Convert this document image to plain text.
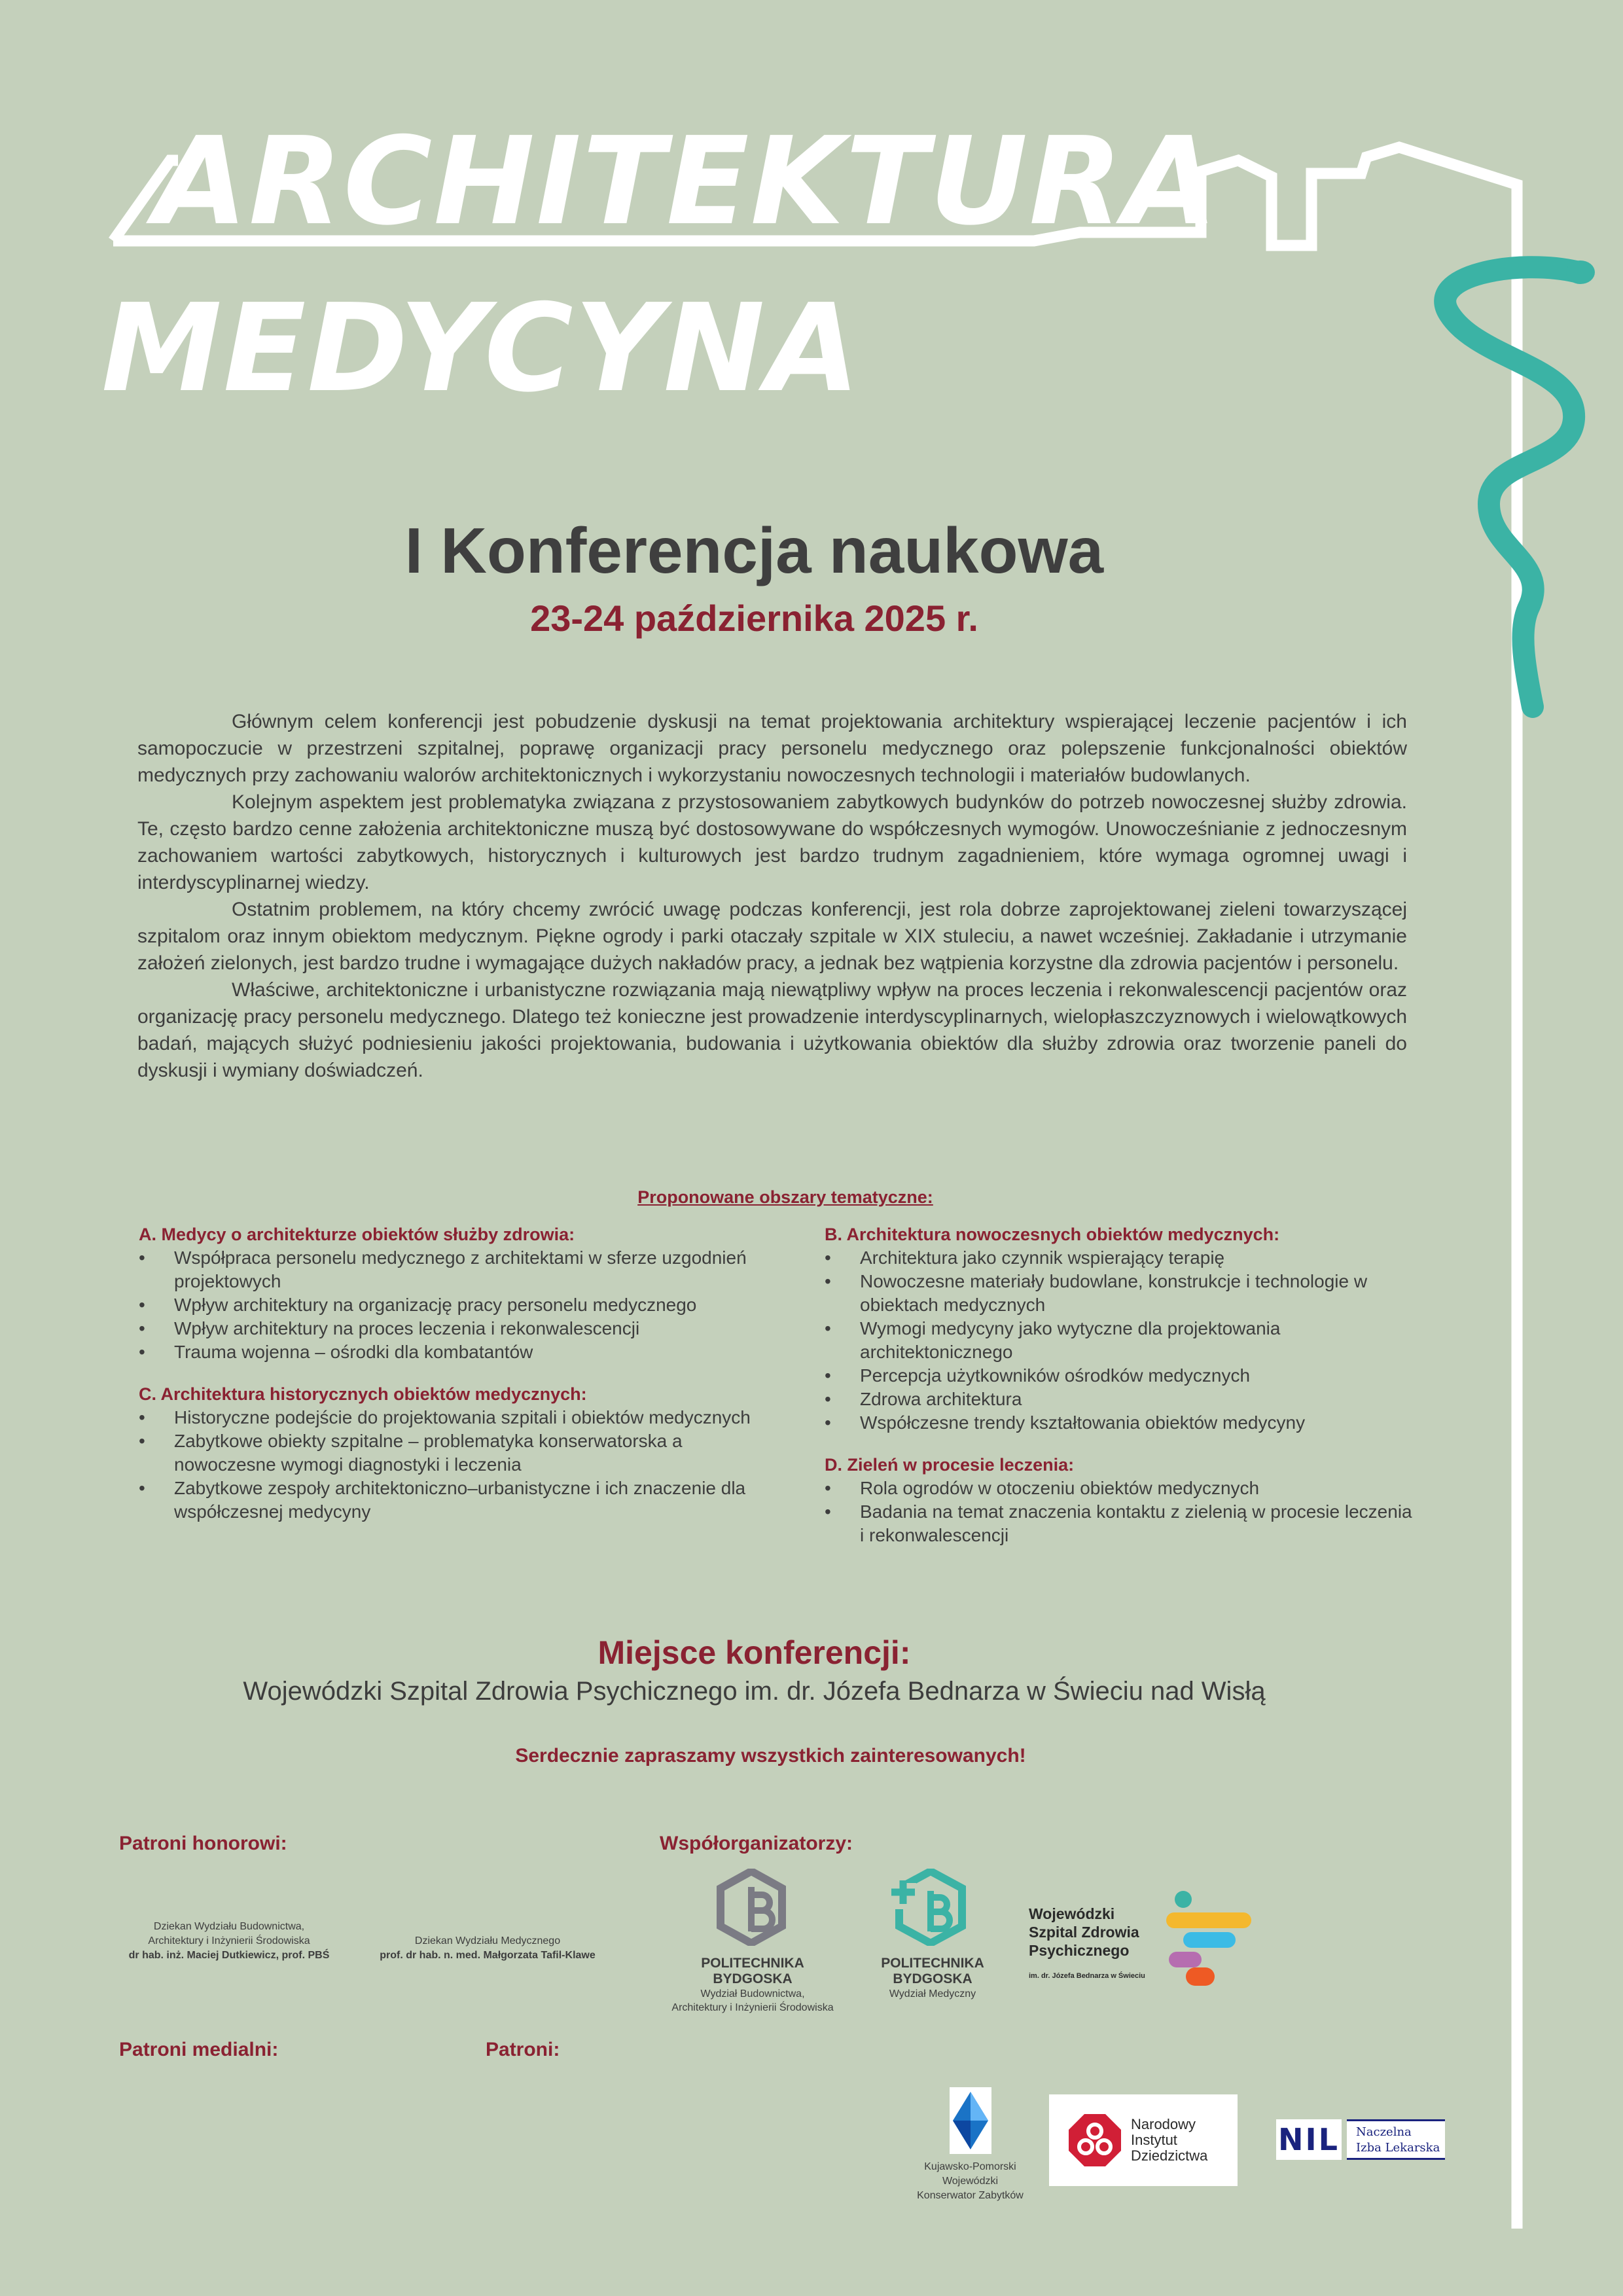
ARCHITEKTURA
MEDYCYNA
I Konferencja naukowa
23-24 października 2025 r.

Głównym celem konferencji jest pobudzenie dyskusji na temat projektowania architektury wspierającej leczenie pacjentów i ich samopoczucie w przestrzeni szpitalnej, poprawę organizacji pracy personelu medycznego oraz polepszenie funkcjonalności obiektów medycznych przy zachowaniu walorów architektonicznych i wykorzystaniu nowoczesnych technologii i materiałów budowlanych.

Kolejnym aspektem jest problematyka związana z przystosowaniem zabytkowych budynków do potrzeb nowoczesnej służby zdrowia. Te, często bardzo cenne założenia architektoniczne muszą być dostosowywane do współczesnych wymogów. Unowocześnianie z jednoczesnym zachowaniem wartości zabytkowych, historycznych i kulturowych jest bardzo trudnym zagadnieniem, które wymaga ogromnej uwagi i interdyscyplinarnej wiedzy.

Ostatnim problemem, na który chcemy zwrócić uwagę podczas konferencji, jest rola dobrze zaprojektowanej zieleni towarzyszącej szpitalom oraz innym obiektom medycznym. Piękne ogrody i parki otaczały szpitale w XIX stuleciu, a nawet wcześniej. Zakładanie i utrzymanie założeń zielonych, jest bardzo trudne i wymagające dużych nakładów pracy, a jednak bez wątpienia korzystne dla zdrowia pacjentów i personelu.

Właściwe, architektoniczne i urbanistyczne rozwiązania mają niewątpliwy wpływ na proces leczenia i rekonwalescencji pacjentów oraz organizację pracy personelu medycznego. Dlatego też konieczne jest prowadzenie interdyscyplinarnych, wielopłaszczyznowych i wielowątkowych badań, mających służyć podniesieniu jakości projektowania, budowania i użytkowania obiektów dla służby zdrowia oraz tworzenie paneli do dyskusji i wymiany doświadczeń.

Proponowane obszary tematyczne:
A. Medycy o architekturze obiektów służby zdrowia:
• Współpraca personelu medycznego z architektami w sferze uzgodnień projektowych
• Wpływ architektury na organizację pracy personelu medycznego
• Wpływ architektury na proces leczenia i rekonwalescencji
• Trauma wojenna – ośrodki dla kombatantów
C. Architektura historycznych obiektów medycznych:
• Historyczne podejście do projektowania szpitali i obiektów medycznych
• Zabytkowe obiekty szpitalne – problematyka konserwatorska a nowoczesne wymogi diagnostyki i leczenia
• Zabytkowe zespoły architektoniczno–urbanistyczne i ich znaczenie dla współczesnej medycyny
B. Architektura nowoczesnych obiektów medycznych:
• Architektura jako czynnik wspierający terapię
• Nowoczesne materiały budowlane, konstrukcje i technologie w obiektach medycznych
• Wymogi medycyny jako wytyczne dla projektowania architektonicznego
• Percepcja użytkowników ośrodków medycznych
• Zdrowa architektura
• Współczesne trendy kształtowania obiektów medycyny
D. Zieleń w procesie leczenia:
• Rola ogrodów w otoczeniu obiektów medycznych
• Badania na temat znaczenia kontaktu z zielenią w procesie leczenia i rekonwalescencji
Miejsce konferencji:
Wojewódzki Szpital Zdrowia Psychicznego im. dr. Józefa Bednarza w Świeciu nad Wisłą
Serdecznie zapraszamy wszystkich zainteresowanych!
Patroni honorowi:
Dziekan Wydziału Budownictwa,
Architektury i Inżynierii Środowiska
dr hab. inż. Maciej Dutkiewicz, prof. PBŚ
Dziekan Wydziału Medycznego
prof. dr hab. n. med. Małgorzata Tafil-Klawe
Współorganizatorzy:
POLITECHNIKA
BYDGOSKA
Wydział Budownictwa,
Architektury i Inżynierii Środowiska
POLITECHNIKA
BYDGOSKA
Wydział Medyczny
Wojewódzki
Szpital Zdrowia
Psychicznego
im. dr. Józefa Bednarza w Świeciu
Patroni medialni:	Patroni:
Kujawsko-Pomorski
Wojewódzki
Konserwator Zabytków
Narodowy
Instytut
Dziedzictwa NIL Naczelna
Izba Lekarska
